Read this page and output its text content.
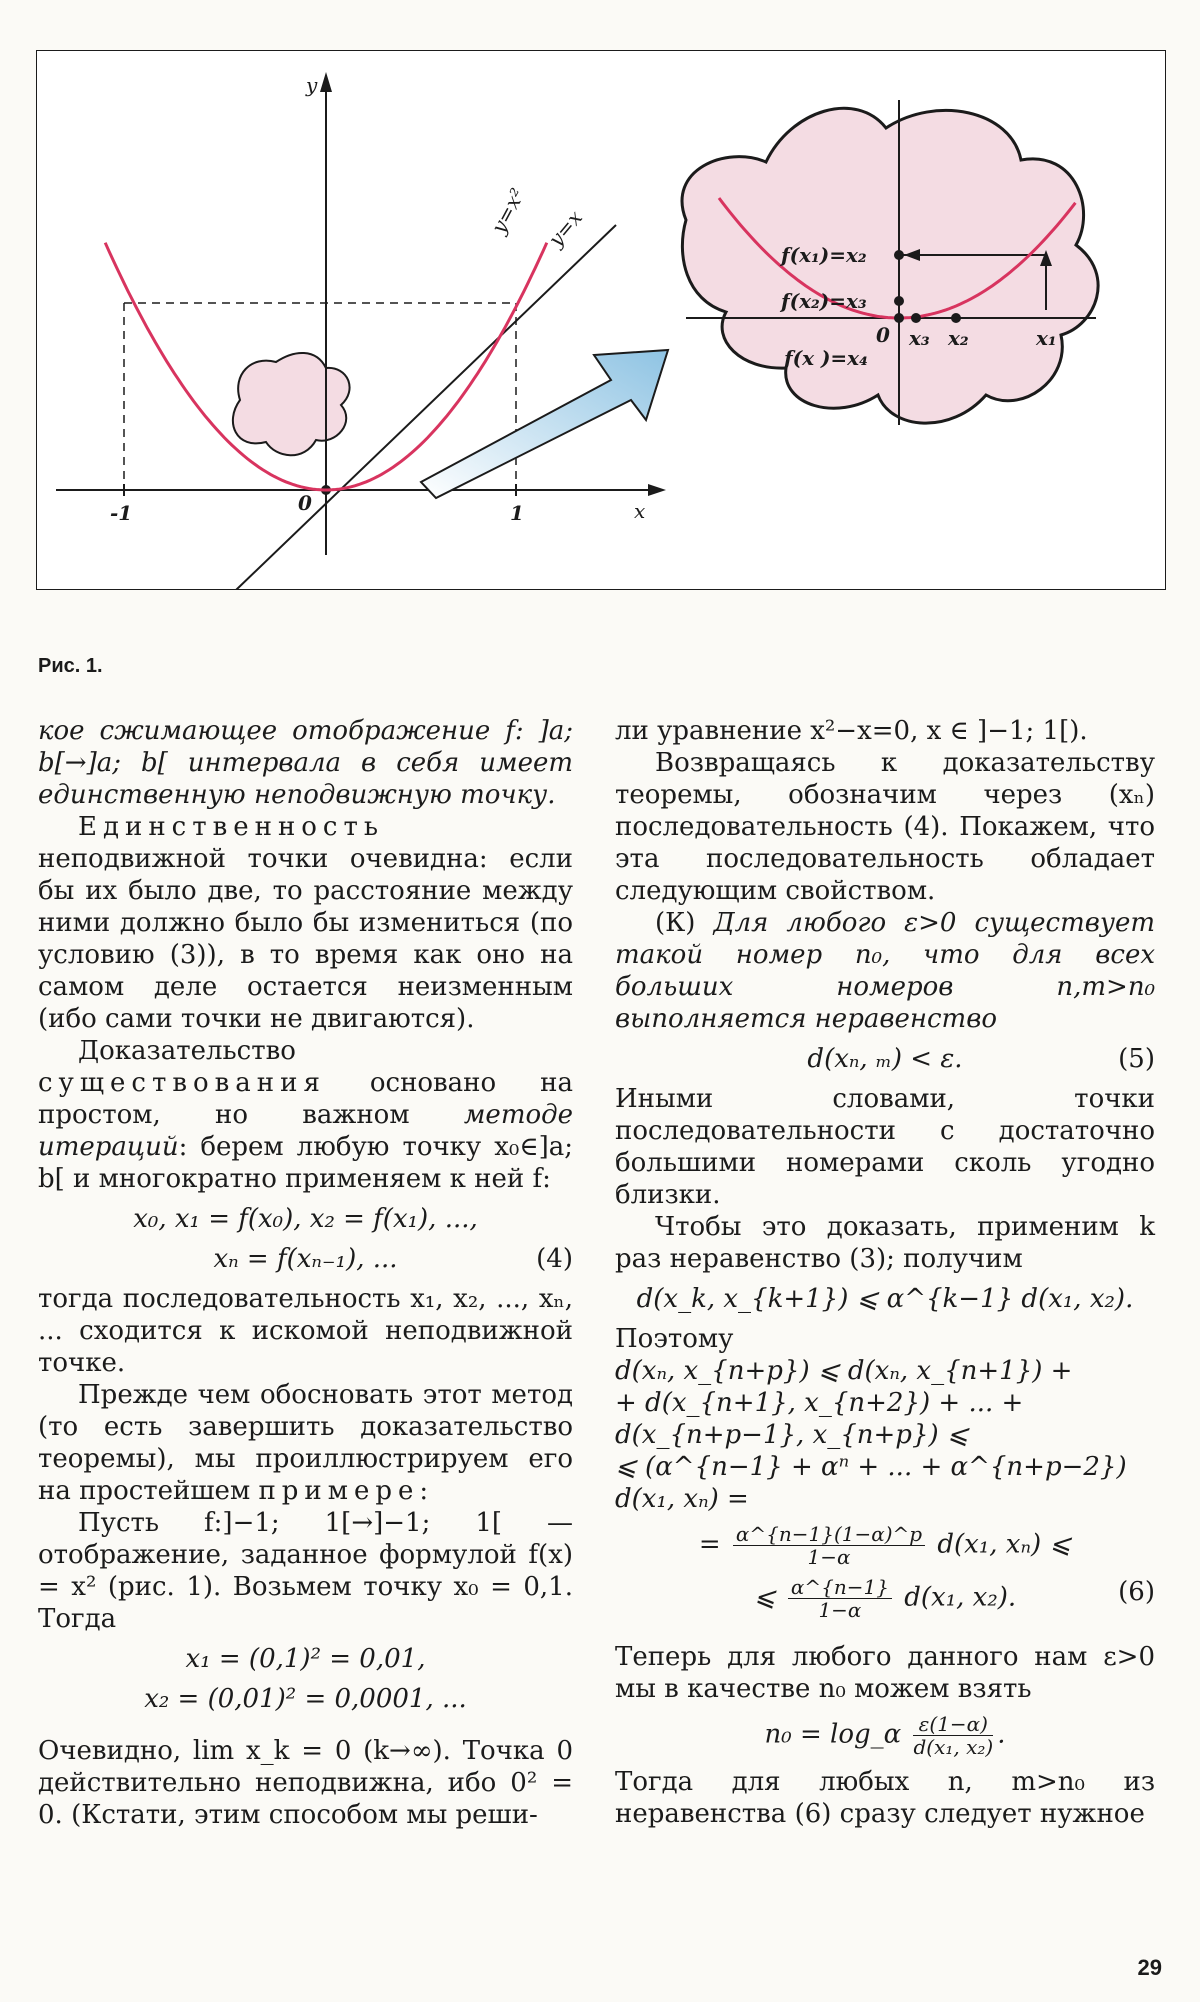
y
x
0
-1	1
y=x² y=x
f(x₁)=x₂
f(x₂)=x₃
f(x )=x₄
0 x₃ x₂	x₁
Рис. 1.

кое сжимающее отображение f: ]a; b[→]a; b[ интервала в себя имеет единственную неподвижную точку.

Единственность неподвижной точки очевидна: если бы их было две, то расстояние между ними должно было бы измениться (по условию (3)), в то время как оно на самом деле остается неизменным (ибо сами точки не двигаются).

Доказательство существования основано на простом, но важном методе итераций: берем любую точку x₀∈]a; b[ и многократно применяем к ней f:

x₀, x₁ = f(x₀), x₂ = f(x₁), ...,
xₙ = f(xₙ₋₁), ...	(4)

тогда последовательность x₁, x₂, ..., xₙ, ... сходится к искомой неподвижной точке.

Прежде чем обосновать этот метод (то есть завершить доказательство теоремы), мы проиллюстрируем его на простейшем примере:

Пусть f:]−1; 1[→]−1; 1[ — отображение, заданное формулой f(x) = x² (рис. 1). Возьмем точку x₀ = 0,1. Тогда

x₁ = (0,1)² = 0,01,
x₂ = (0,01)² = 0,0001, ...

Очевидно, lim x_k = 0 (k→∞). Точка 0 действительно неподвижна, ибо 0² = 0. (Кстати, этим способом мы реши-

ли уравнение x²−x=0, x ∈ ]−1; 1[).

Возвращаясь к доказательству теоремы, обозначим через (xₙ) последовательность (4). Покажем, что эта последовательность обладает следующим свойством.

(К) Для любого ε>0 существует такой номер n₀, что для всех больших номеров n,m>n₀ выполняется неравенство

d(xₙ, ₘ) < ε.	(5)

Иными словами, точки последовательности с достаточно большими номерами сколь угодно близки.

Чтобы это доказать, применим k раз неравенство (3); получим

d(x_k, x_{k+1}) ⩽ α^{k−1} d(x₁, x₂).

Поэтому

d(xₙ, x_{n+p}) ⩽ d(xₙ, x_{n+1}) +
+ d(x_{n+1}, x_{n+2}) + ... + d(x_{n+p−1}, x_{n+p}) ⩽
⩽ (α^{n−1} + αⁿ + ... + α^{n+p−2}) d(x₁, xₙ) =
= $\frac{\alpha\^{}\{n-1\}(1-\alpha)\^{}p}{1-\alpha} d(x_1$, xₙ) ⩽
⩽ $\frac{\alpha\^{}\{n-1\}}{1-\alpha} d(x_1$, x₂).	(6)

Теперь для любого данного нам ε>0 мы в качестве n₀ можем взять

n₀ = log_α $\frac{\varepsilon(1-\alpha)}{\text{d(x₁, x₂)}}$ .

Тогда для любых n, m>n₀ из неравенства (6) сразу следует нужное

29
